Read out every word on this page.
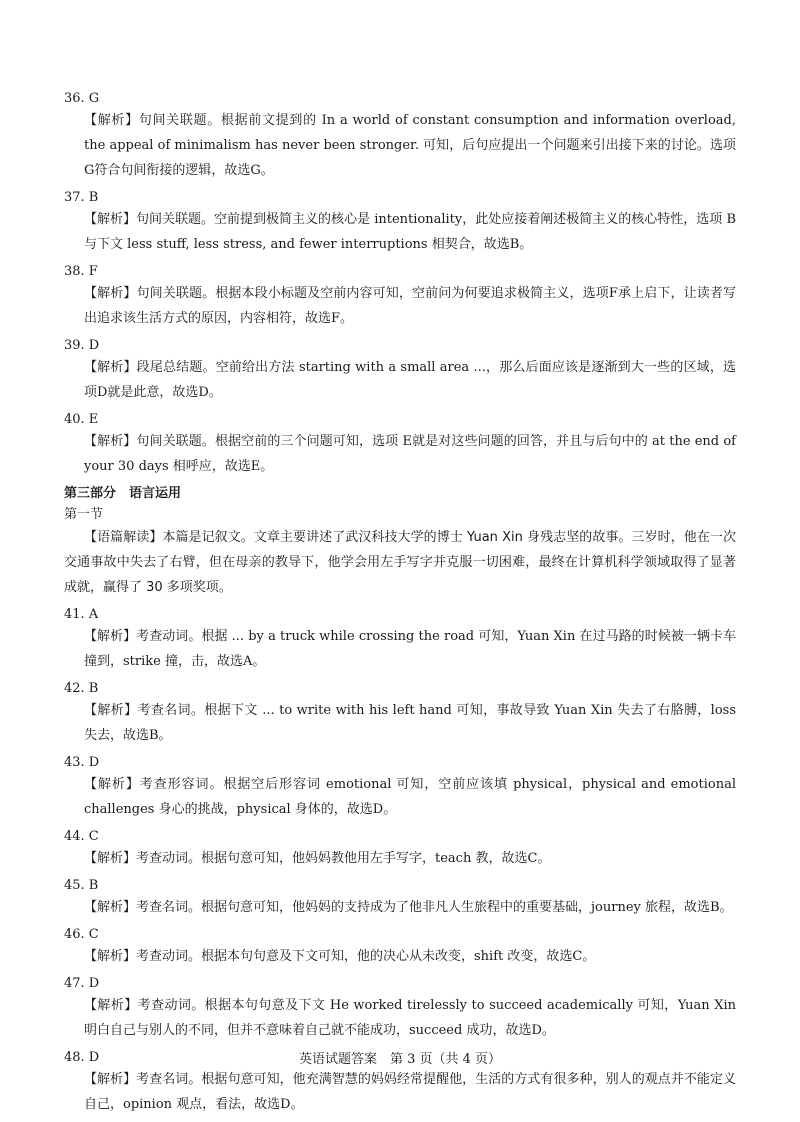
36. G
【解析】句间关联题。根据前文提到的 In a world of constant consumption and information overload, the appeal of minimalism has never been stronger. 可知，后句应提出一个问题来引出接下来的讨论。选项G符合句间衔接的逻辑，故选G。
37. B
【解析】句间关联题。空前提到极简主义的核心是 intentionality，此处应接着阐述极简主义的核心特性，选项 B 与下文 less stuff, less stress, and fewer interruptions 相契合，故选B。
38. F
【解析】句间关联题。根据本段小标题及空前内容可知，空前问为何要追求极简主义，选项F承上启下，让读者写出追求该生活方式的原因，内容相符，故选F。
39. D
【解析】段尾总结题。空前给出方法 starting with a small area ...，那么后面应该是逐渐到大一些的区域，选项D就是此意，故选D。
40. E
【解析】句间关联题。根据空前的三个问题可知，选项 E就是对这些问题的回答，并且与后句中的 at the end of your 30 days 相呼应，故选E。
第三部分　语言运用
第一节
【语篇解读】本篇是记叙文。文章主要讲述了武汉科技大学的博士 Yuan Xin 身残志坚的故事。三岁时，他在一次交通事故中失去了右臂，但在母亲的教导下，他学会用左手写字并克服一切困难，最终在计算机科学领域取得了显著成就，赢得了 30 多项奖项。
41. A
【解析】考查动词。根据 ... by a truck while crossing the road 可知，Yuan Xin 在过马路的时候被一辆卡车撞到，strike 撞，击，故选A。
42. B
【解析】考查名词。根据下文 ... to write with his left hand 可知，事故导致 Yuan Xin 失去了右胳膊，loss 失去，故选B。
43. D
【解析】考查形容词。根据空后形容词 emotional 可知，空前应该填 physical，physical and emotional challenges 身心的挑战，physical 身体的，故选D。
44. C
【解析】考查动词。根据句意可知，他妈妈教他用左手写字，teach 教，故选C。
45. B
【解析】考查名词。根据句意可知，他妈妈的支持成为了他非凡人生旅程中的重要基础，journey 旅程，故选B。
46. C
【解析】考查动词。根据本句句意及下文可知，他的决心从未改变，shift 改变，故选C。
47. D
【解析】考查动词。根据本句句意及下文 He worked tirelessly to succeed academically 可知，Yuan Xin 明白自己与别人的不同，但并不意味着自己就不能成功，succeed 成功，故选D。
48. D
【解析】考查名词。根据句意可知，他充满智慧的妈妈经常提醒他，生活的方式有很多种，别人的观点并不能定义自己，opinion 观点，看法，故选D。
英语试题答案　第 3 页（共 4 页）
